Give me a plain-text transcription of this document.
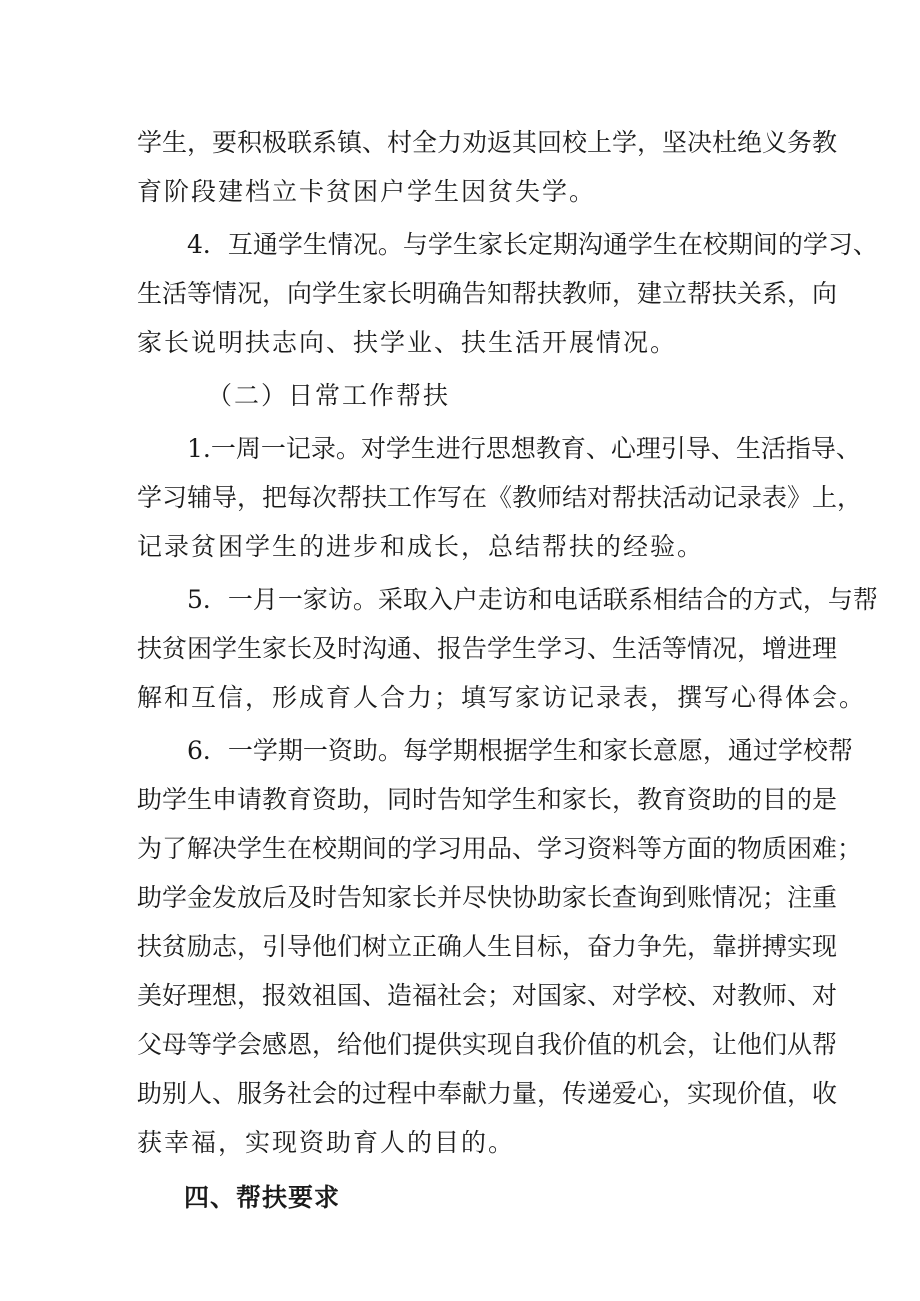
学生，要积极联系镇、村全力劝返其回校上学，坚决杜绝义务教
育阶段建档立卡贫困户学生因贫失学。
4．互通学生情况。与学生家长定期沟通学生在校期间的学习、
生活等情况，向学生家长明确告知帮扶教师，建立帮扶关系，向
家长说明扶志向、扶学业、扶生活开展情况。
（二）日常工作帮扶
1.一周一记录。对学生进行思想教育、心理引导、生活指导、
学习辅导，把每次帮扶工作写在《教师结对帮扶活动记录表》上，
记录贫困学生的进步和成长，总结帮扶的经验。
5．一月一家访。采取入户走访和电话联系相结合的方式，与帮
扶贫困学生家长及时沟通、报告学生学习、生活等情况，增进理
解和互信，形成育人合力；填写家访记录表，撰写心得体会。
6．一学期一资助。每学期根据学生和家长意愿，通过学校帮
助学生申请教育资助，同时告知学生和家长，教育资助的目的是
为了解决学生在校期间的学习用品、学习资料等方面的物质困难；
助学金发放后及时告知家长并尽快协助家长查询到账情况；注重
扶贫励志，引导他们树立正确人生目标，奋力争先，靠拼搏实现
美好理想，报效祖国、造福社会；对国家、对学校、对教师、对
父母等学会感恩，给他们提供实现自我价值的机会，让他们从帮
助别人、服务社会的过程中奉献力量，传递爱心，实现价值，收
获幸福，实现资助育人的目的。
四、帮扶要求
